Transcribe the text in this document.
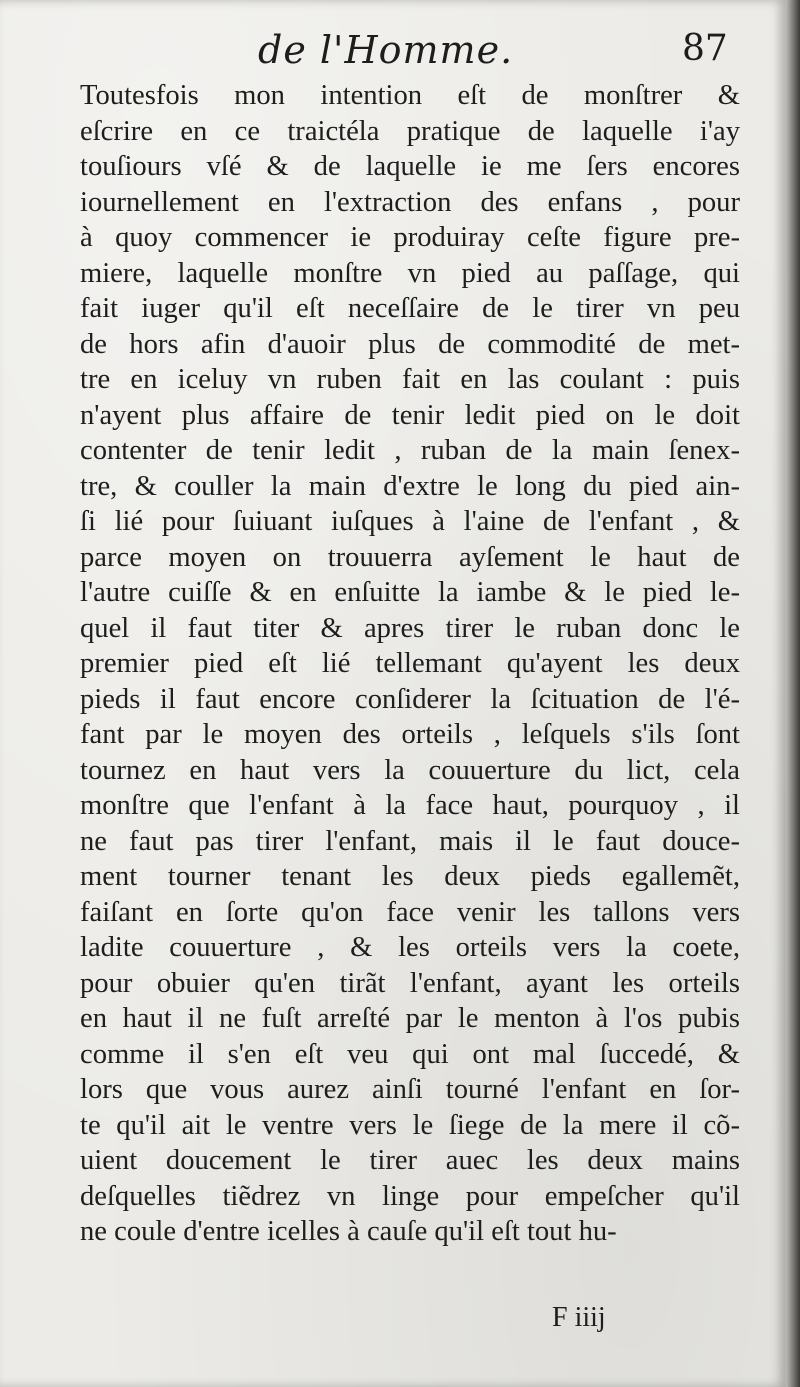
de l'Homme.	87
Toutesfois mon intention eſt de monſtrer &
eſcrire en ce traictéla pratique de laquelle i'ay
touſiours vſé & de laquelle ie me ſers encores
iournellement en l'extraction des enfans , pour
à quoy commencer ie produiray ceſte figure pre-
miere, laquelle monſtre vn pied au paſſage, qui
fait iuger qu'il eſt neceſſaire de le tirer vn peu
de hors afin d'auoir plus de commodité de met-
tre en iceluy vn ruben fait en las coulant : puis
n'ayent plus affaire de tenir ledit pied on le doit
contenter de tenir ledit , ruban de la main ſenex-
tre, & couller la main d'extre le long du pied ain-
ſi lié pour ſuiuant iuſques à l'aine de l'enfant , &
parce moyen on trouuerra ayſement le haut de
l'autre cuiſſe & en enſuitte la iambe & le pied le-
quel il faut titer & apres tirer le ruban donc le
premier pied eſt lié tellemant qu'ayent les deux
pieds il faut encore conſiderer la ſcituation de l'é-
fant par le moyen des orteils , leſquels s'ils ſont
tournez en haut vers la couuerture du lict, cela
monſtre que l'enfant à la face haut, pourquoy , il
ne faut pas tirer l'enfant, mais il le faut douce-
ment tourner tenant les deux pieds egallemẽt,
faiſant en ſorte qu'on face venir les tallons vers
ladite couuerture , & les orteils vers la coete,
pour obuier qu'en tirãt l'enfant, ayant les orteils
en haut il ne fuſt arreſté par le menton à l'os pubis
comme il s'en eſt veu qui ont mal ſuccedé, &
lors que vous aurez ainſi tourné l'enfant en ſor-
te qu'il ait le ventre vers le ſiege de la mere il cõ-
uient doucement le tirer auec les deux mains
deſquelles tiẽdrez vn linge pour empeſcher qu'il
ne coule d'entre icelles à cauſe qu'il eſt tout hu-
F iiij
